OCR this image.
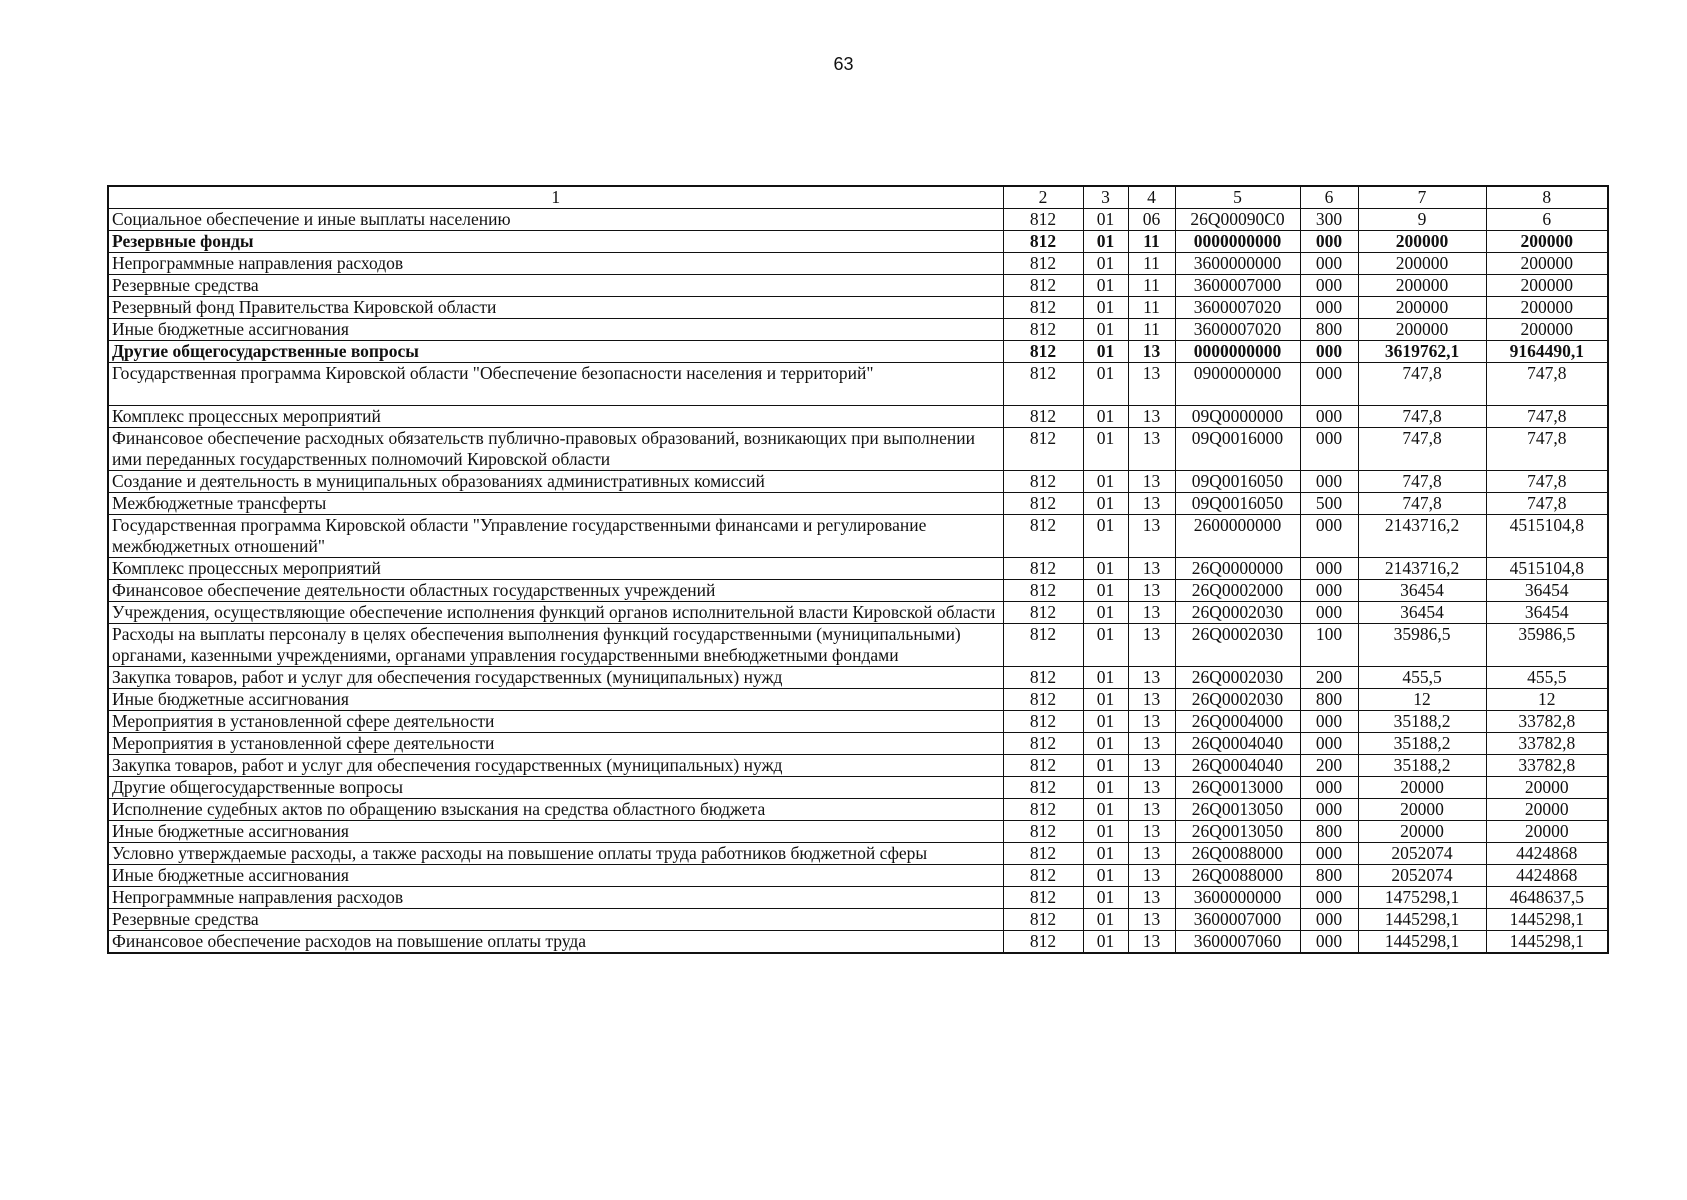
63
1	2	3	4	5	6	7	8
Социальное обеспечение и иные выплаты населению	812	01	06	26Q00090C0	300	9	6
Резервные фонды	812	01	11	0000000000	000	200000	200000
Непрограммные направления расходов	812	01	11	3600000000	000	200000	200000
Резервные средства	812	01	11	3600007000	000	200000	200000
Резервный фонд Правительства Кировской области	812	01	11	3600007020	000	200000	200000
Иные бюджетные ассигнования	812	01	11	3600007020	800	200000	200000
Другие общегосударственные вопросы	812	01	13	0000000000	000	3619762,1	9164490,1
Государственная программа Кировской области "Обеспечение безопасности населения и территорий"	812	01	13	0900000000	000	747,8	747,8
Комплекс процессных мероприятий	812	01	13	09Q0000000	000	747,8	747,8
Финансовое обеспечение расходных обязательств публично-правовых образований, возникающих при выполнении ими переданных государственных полномочий Кировской области	812	01	13	09Q0016000	000	747,8	747,8
Создание и деятельность в муниципальных образованиях административных комиссий	812	01	13	09Q0016050	000	747,8	747,8
Межбюджетные трансферты	812	01	13	09Q0016050	500	747,8	747,8
Государственная программа Кировской области "Управление государственными финансами и регулирование межбюджетных отношений"	812	01	13	2600000000	000	2143716,2	4515104,8
Комплекс процессных мероприятий	812	01	13	26Q0000000	000	2143716,2	4515104,8
Финансовое обеспечение деятельности областных государственных учреждений	812	01	13	26Q0002000	000	36454	36454
Учреждения, осуществляющие обеспечение исполнения функций органов исполнительной власти Кировской области	812	01	13	26Q0002030	000	36454	36454
Расходы на выплаты персоналу в целях обеспечения выполнения функций государственными (муниципальными) органами, казенными учреждениями, органами управления государственными внебюджетными фондами	812	01	13	26Q0002030	100	35986,5	35986,5
Закупка товаров, работ и услуг для обеспечения государственных (муниципальных) нужд	812	01	13	26Q0002030	200	455,5	455,5
Иные бюджетные ассигнования	812	01	13	26Q0002030	800	12	12
Мероприятия в установленной сфере деятельности	812	01	13	26Q0004000	000	35188,2	33782,8
Мероприятия в установленной сфере деятельности	812	01	13	26Q0004040	000	35188,2	33782,8
Закупка товаров, работ и услуг для обеспечения государственных (муниципальных) нужд	812	01	13	26Q0004040	200	35188,2	33782,8
Другие общегосударственные вопросы	812	01	13	26Q0013000	000	20000	20000
Исполнение судебных актов по обращению взыскания на средства областного бюджета	812	01	13	26Q0013050	000	20000	20000
Иные бюджетные ассигнования	812	01	13	26Q0013050	800	20000	20000
Условно утверждаемые расходы, а также расходы на повышение оплаты труда работников бюджетной сферы	812	01	13	26Q0088000	000	2052074	4424868
Иные бюджетные ассигнования	812	01	13	26Q0088000	800	2052074	4424868
Непрограммные направления расходов	812	01	13	3600000000	000	1475298,1	4648637,5
Резервные средства	812	01	13	3600007000	000	1445298,1	1445298,1
Финансовое обеспечение расходов на повышение оплаты труда	812	01	13	3600007060	000	1445298,1	1445298,1
